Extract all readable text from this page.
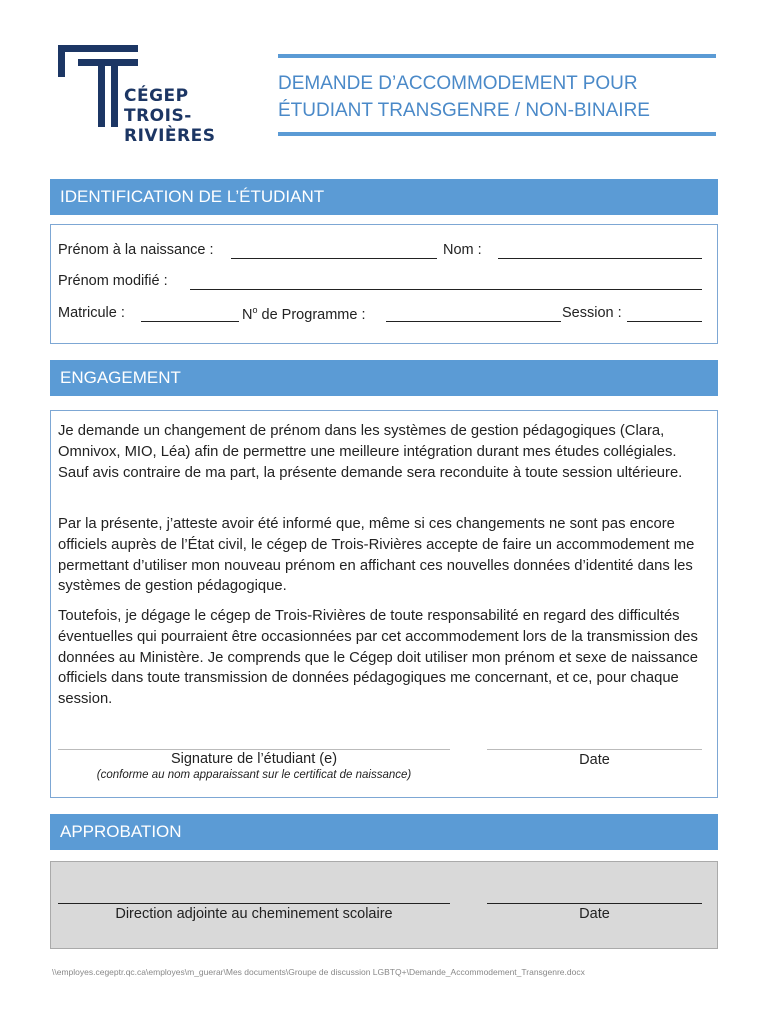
CÉGEP
TROIS-
RIVIÈRES
DEMANDE D’ACCOMMODEMENT POUR
ÉTUDIANT TRANSGENRE / NON-BINAIRE
IDENTIFICATION DE L’ÉTUDIANT
Prénom à la naissance :	Nom :
Prénom modifié :
Matricule :	$N^o$ de Programme :	Session :
ENGAGEMENT
Je demande un changement de prénom dans les systèmes de gestion pédagogiques (Clara, Omnivox, MIO, Léa) afin de permettre une meilleure intégration durant mes études collégiales. Sauf avis contraire de ma part, la présente demande sera reconduite à toute session ultérieure.
Par la présente, j’atteste avoir été informé que, même si ces changements ne sont pas encore officiels auprès de l’État civil, le cégep de Trois-Rivières accepte de faire un accommodement me permettant d’utiliser mon nouveau prénom en affichant ces nouvelles données d’identité dans les systèmes de gestion pédagogique.
Toutefois, je dégage le cégep de Trois-Rivières de toute responsabilité en regard des difficultés éventuelles qui pourraient être occasionnées par cet accommodement lors de la transmission des données au Ministère. Je comprends que le Cégep doit utiliser mon prénom et sexe de naissance officiels dans toute transmission de données pédagogiques me concernant, et ce, pour chaque session.
Signature de l’étudiant (e)
(conforme au nom apparaissant sur le certificat de naissance)
Date
APPROBATION
Direction adjointe au cheminement scolaire	Date
\\employes.cegeptr.qc.ca\employes\m_guerar\Mes documents\Groupe de discussion LGBTQ+\Demande_Accommodement_Transgenre.docx
